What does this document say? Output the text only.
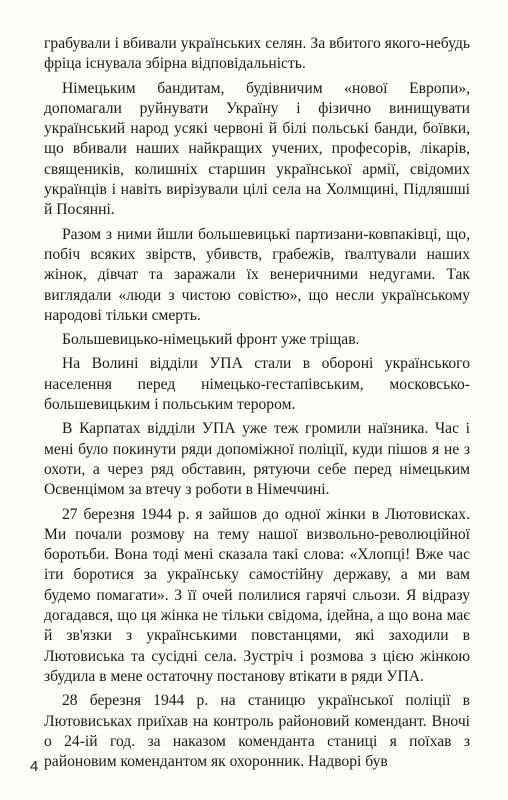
грабували і вбивали українських селян. За вбитого якого-небудь фріца існувала збірна відповідальність.

Німецьким бандитам, будівничим «нової Европи», допомагали руйнувати Україну і фізично винищувати український народ усякі червоні й білі польські банди, боївки, що вбивали наших найкращих учених, професорів, лікарів, священиків, колишніх старшин української армії, свідомих українців і навіть вирізували цілі села на Холмщині, Підляшші й Посянні.

Разом з ними йшли большевицькі партизани-ковпаківці, що, побіч всяких звірств, убивств, грабежів, ґвалтували наших жінок, дівчат та заражали їх венеричними недугами. Так виглядали «люди з чистою совістю», що несли українському народові тільки смерть.

Большевицько-німецький фронт уже тріщав.

На Волині відділи УПА стали в обороні українського населення перед німецько-гестапівським, московсько-большевицьким і польським терором.

В Карпатах відділи УПА уже теж громили наїзника. Час і мені було покинути ряди допоміжної поліції, куди пішов я не з охоти, а через ряд обставин, рятуючи себе перед німецьким Освенцімом за втечу з роботи в Німеччині.

27 березня 1944 р. я зайшов до одної жінки в Лютовисках. Ми почали розмову на тему нашої визвольно-революційної боротьби. Вона тоді мені сказала такі слова: «Хлопці! Вже час іти боротися за українську самостійну державу, а ми вам будемо помагати». З її очей полилися гарячі сльози. Я відразу догадався, що ця жінка не тільки свідома, ідейна, а що вона має й зв'язки з українськими повстанцями, які заходили в Лютовиська та сусідні села. Зустріч і розмова з цією жінкою збудила в мене остаточну постанову втікати в ряди УПА.

28 березня 1944 р. на станицю української поліції в Лютовиськах приїхав на контроль районовий комендант. Вночі о 24-ій год. за наказом коменданта станиці я поїхав з районовим комендантом як охоронник. Надворі був

4
